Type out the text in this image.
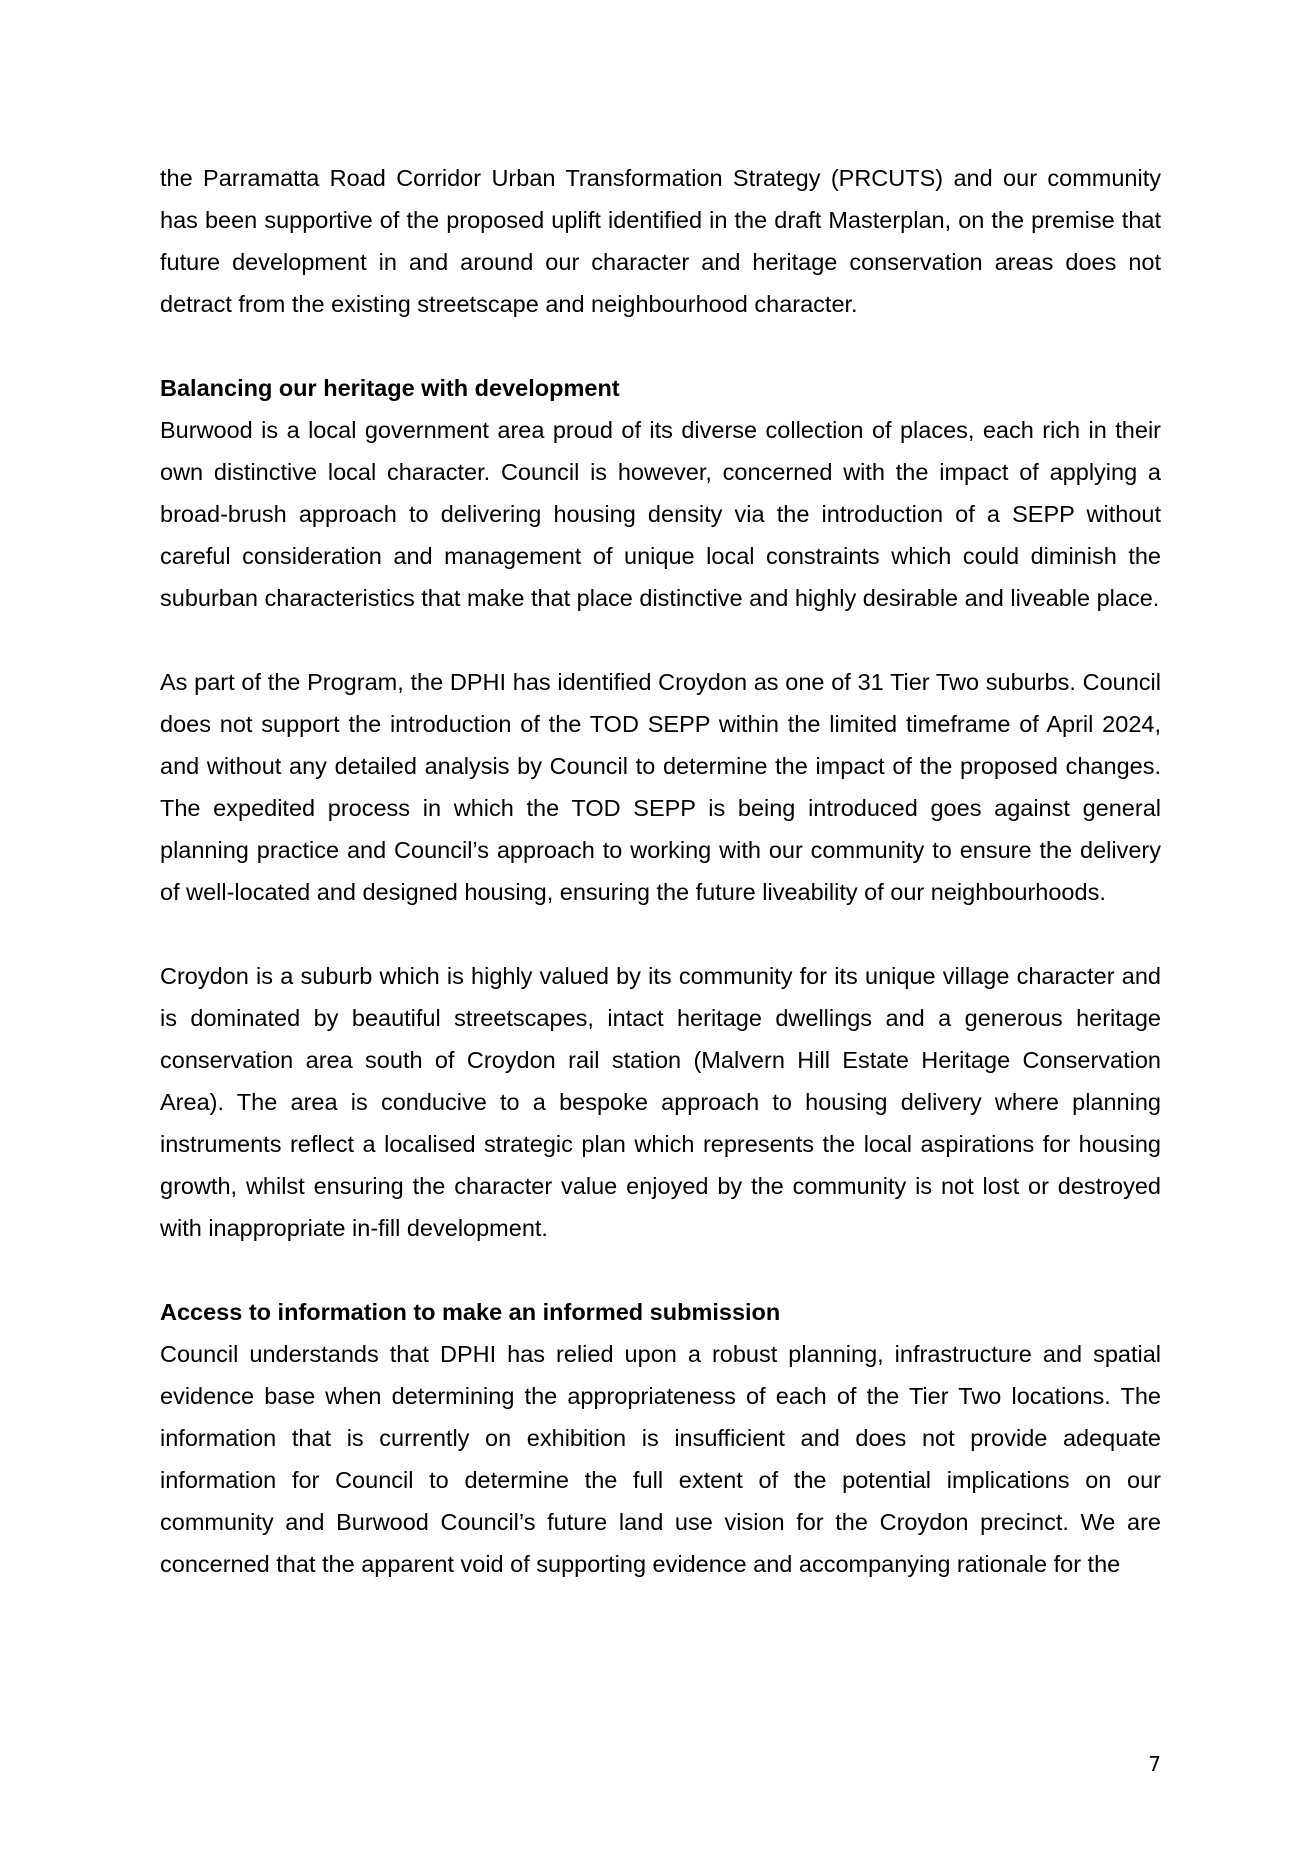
the Parramatta Road Corridor Urban Transformation Strategy (PRCUTS) and our community has been supportive of the proposed uplift identified in the draft Masterplan, on the premise that future development in and around our character and heritage conservation areas does not detract from the existing streetscape and neighbourhood character.

Balancing our heritage with development

Burwood is a local government area proud of its diverse collection of places, each rich in their own distinctive local character. Council is however, concerned with the impact of applying a broad-brush approach to delivering housing density via the introduction of a SEPP without careful consideration and management of unique local constraints which could diminish the suburban characteristics that make that place distinctive and highly desirable and liveable place.

As part of the Program, the DPHI has identified Croydon as one of 31 Tier Two suburbs. Council does not support the introduction of the TOD SEPP within the limited timeframe of April 2024, and without any detailed analysis by Council to determine the impact of the proposed changes. The expedited process in which the TOD SEPP is being introduced goes against general planning practice and Council’s approach to working with our community to ensure the delivery of well-located and designed housing, ensuring the future liveability of our neighbourhoods.

Croydon is a suburb which is highly valued by its community for its unique village character and is dominated by beautiful streetscapes, intact heritage dwellings and a generous heritage conservation area south of Croydon rail station (Malvern Hill Estate Heritage Conservation Area). The area is conducive to a bespoke approach to housing delivery where planning instruments reflect a localised strategic plan which represents the local aspirations for housing growth, whilst ensuring the character value enjoyed by the community is not lost or destroyed with inappropriate in-fill development.

Access to information to make an informed submission

Council understands that DPHI has relied upon a robust planning, infrastructure and spatial evidence base when determining the appropriateness of each of the Tier Two locations. The information that is currently on exhibition is insufficient and does not provide adequate information for Council to determine the full extent of the potential implications on our community and Burwood Council’s future land use vision for the Croydon precinct. We are concerned that the apparent void of supporting evidence and accompanying rationale for the

7
